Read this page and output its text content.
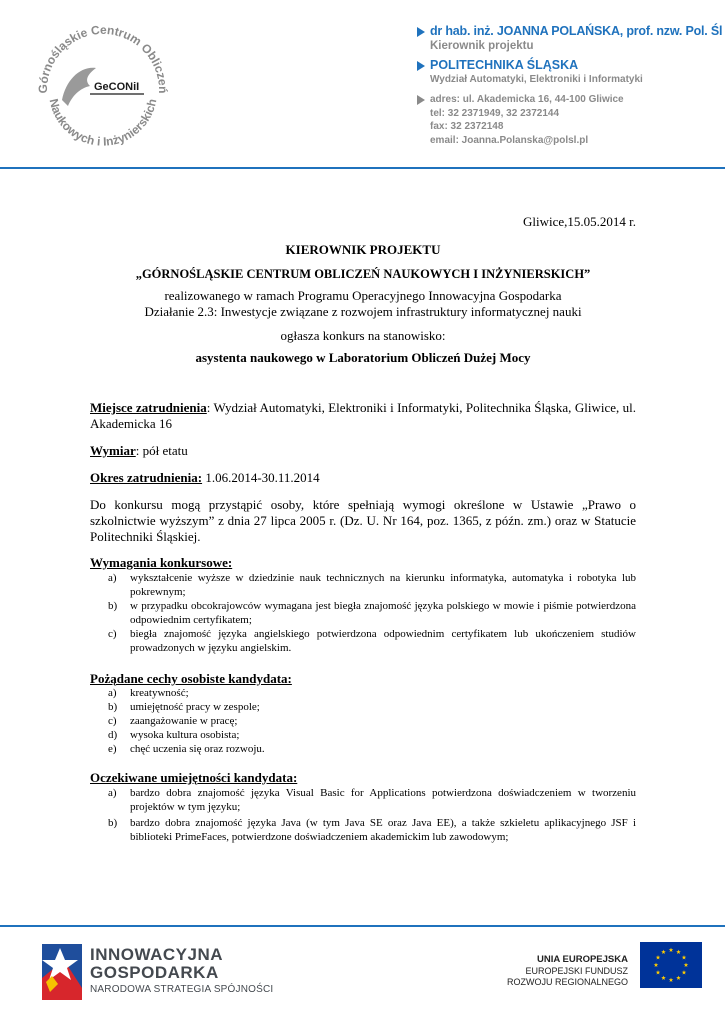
Górnośląskie Centrum Obliczeń
Naukowych i Inżynierskich
GeCONiI
dr hab. inż. JOANNA POLAŃSKA, prof. nzw. Pol. Śl
Kierownik projektu
POLITECHNIKA ŚLĄSKA
Wydział Automatyki, Elektroniki i Informatyki
adres: ul. Akademicka 16, 44-100 Gliwice
tel: 32 2371949, 32 2372144
fax: 32 2372148
email: Joanna.Polanska@polsl.pl
Gliwice,15.05.2014 r.
KIEROWNIK PROJEKTU
„GÓRNOŚLĄSKIE CENTRUM OBLICZEŃ NAUKOWYCH I INŻYNIERSKICH”
realizowanego w ramach Programu Operacyjnego Innowacyjna Gospodarka
Działanie 2.3: Inwestycje związane z rozwojem infrastruktury informatycznej nauki
ogłasza konkurs na stanowisko:
asystenta naukowego w Laboratorium Obliczeń Dużej Mocy
Miejsce zatrudnienia: Wydział Automatyki, Elektroniki i Informatyki, Politechnika Śląska, Gliwice, ul. Akademicka 16
Wymiar: pół etatu
Okres zatrudnienia: 1.06.2014-30.11.2014
Do konkursu mogą przystąpić osoby, które spełniają wymogi określone w Ustawie „Prawo o szkolnictwie wyższym” z dnia 27 lipca 2005 r. (Dz. U. Nr 164, poz. 1365, z późn. zm.) oraz w Statucie Politechniki Śląskiej.
Wymagania konkursowe:
a) wykształcenie wyższe w dziedzinie nauk technicznych na kierunku informatyka, automatyka i robotyka lub pokrewnym;
b) w przypadku obcokrajowców wymagana jest biegła znajomość języka polskiego w mowie i piśmie potwierdzona odpowiednim certyfikatem;
c) biegła znajomość języka angielskiego potwierdzona odpowiednim certyfikatem lub ukończeniem studiów prowadzonych w języku angielskim.
Pożądane cechy osobiste kandydata:
a) kreatywność;
b) umiejętność pracy w zespole;
c) zaangażowanie w pracę;
d) wysoka kultura osobista;
e) chęć uczenia się oraz rozwoju.
Oczekiwane umiejętności kandydata:
a) bardzo dobra znajomość języka Visual Basic for Applications potwierdzona doświadczeniem w tworzeniu projektów w tym języku;
b) bardzo dobra znajomość języka Java (w tym Java SE oraz Java EE), a także szkieletu aplikacyjnego JSF i biblioteki PrimeFaces, potwierdzone doświadczeniem akademickim lub zawodowym;
INNOWACYJNA
GOSPODARKA
NARODOWA STRATEGIA SPÓJNOŚCI
UNIA EUROPEJSKA
EUROPEJSKI FUNDUSZ
ROZWOJU REGIONALNEGO
